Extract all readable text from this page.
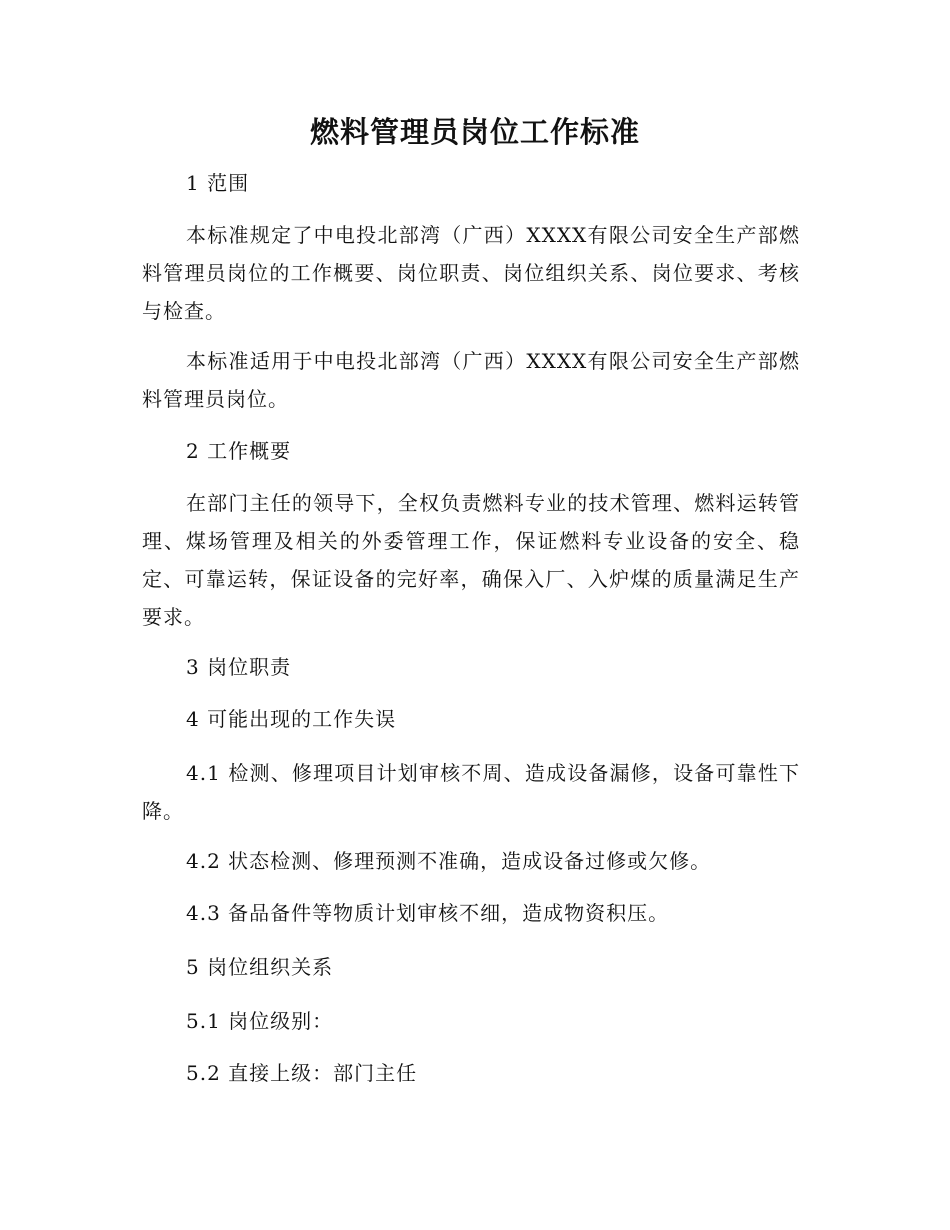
燃料管理员岗位工作标准

1 范围

本标准规定了中电投北部湾（广西）XXXX有限公司安全生产部燃料管理员岗位的工作概要、岗位职责、岗位组织关系、岗位要求、考核与检查。

本标准适用于中电投北部湾（广西）XXXX有限公司安全生产部燃料管理员岗位。

2 工作概要

在部门主任的领导下，全权负责燃料专业的技术管理、燃料运转管理、煤场管理及相关的外委管理工作，保证燃料专业设备的安全、稳定、可靠运转，保证设备的完好率，确保入厂、入炉煤的质量满足生产要求。

3 岗位职责

4 可能出现的工作失误

4.1 检测、修理项目计划审核不周、造成设备漏修，设备可靠性下降。

4.2 状态检测、修理预测不准确，造成设备过修或欠修。

4.3 备品备件等物质计划审核不细，造成物资积压。

5 岗位组织关系

5.1 岗位级别：

5.2 直接上级：部门主任
